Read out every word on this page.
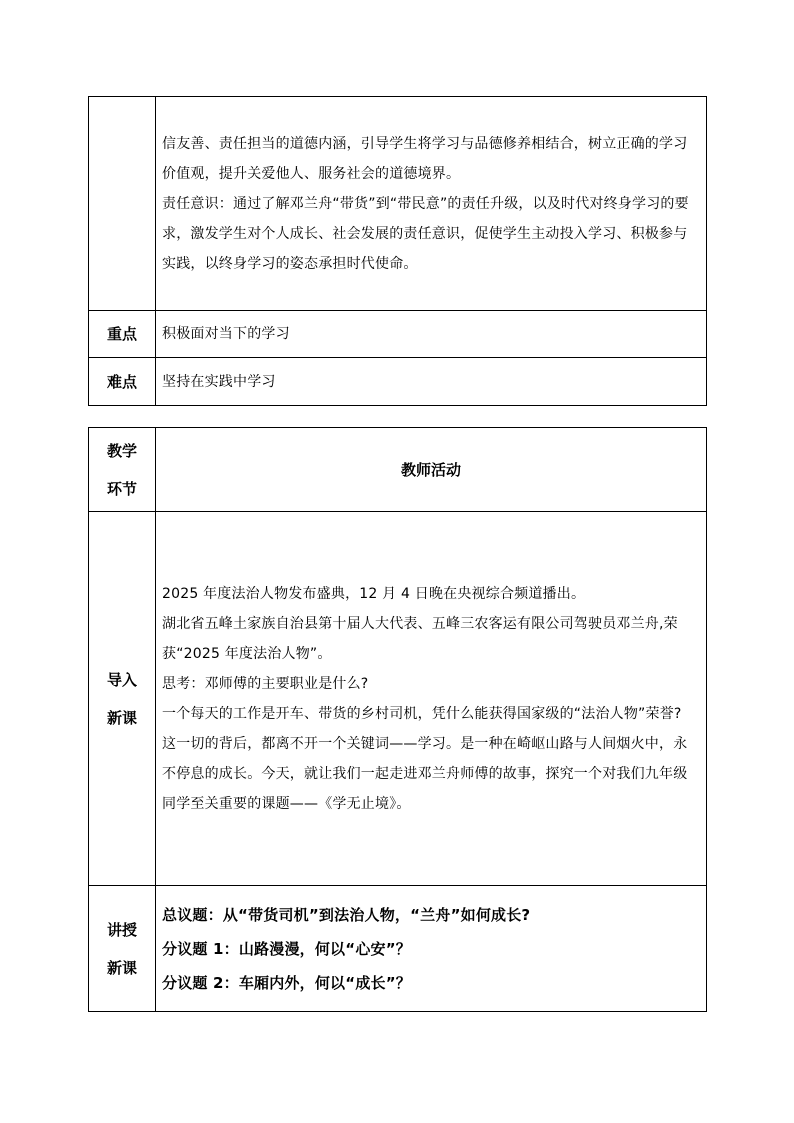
	信友善、责任担当的道德内涵，引导学生将学习与品德修养相结合，树立正确的学习价值观，提升关爱他人、服务社会的道德境界。

责任意识：通过了解邓兰舟“带货”到“带民意”的责任升级，以及时代对终身学习的要求，激发学生对个人成长、社会发展的责任意识，促使学生主动投入学习、积极参与实践，以终身学习的姿态承担时代使命。

重点	积极面对当下的学习
难点	坚持在实践中学习
教学环节	教师活动

导入新课	2025 年度法治人物发布盛典，12 月 4 日晚在央视综合频道播出。

湖北省五峰土家族自治县第十届人大代表、五峰三农客运有限公司驾驶员邓兰舟,荣获“2025 年度法治人物”。

思考：邓师傅的主要职业是什么?

一个每天的工作是开车、带货的乡村司机，凭什么能获得国家级的“法治人物”荣誉?

这一切的背后，都离不开一个关键词——学习。是一种在崎岖山路与人间烟火中，永不停息的成长。今天，就让我们一起走进邓兰舟师傅的故事，探究一个对我们九年级同学至关重要的课题——《学无止境》。

讲授新课	总议题：从“带货司机”到法治人物，“兰舟”如何成长?

分议题 1：山路漫漫，何以“心安”？

分议题 2：车厢内外，何以“成长”？
